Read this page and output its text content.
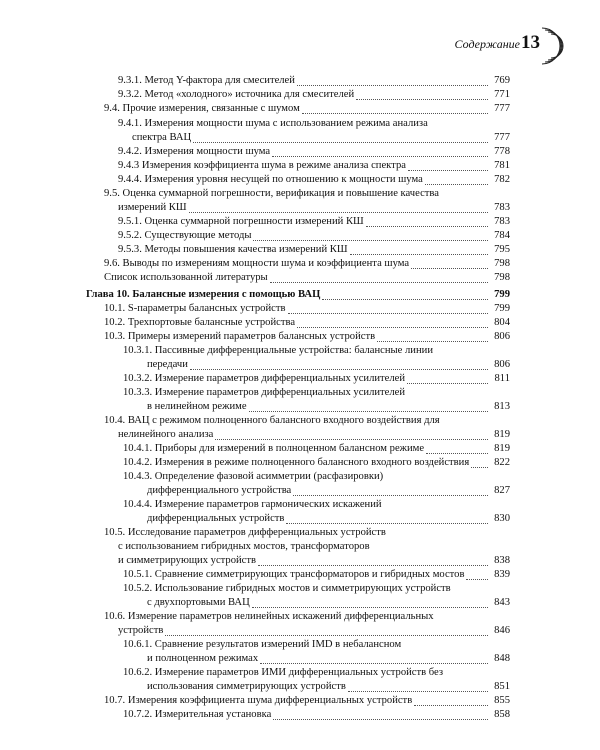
Содержание 13
9.3.1. Метод Y-фактора для смесителей	769
9.3.2. Метод «холодного» источника для смесителей	771
9.4. Прочие измерения, связанные с шумом	777
9.4.1. Измерения мощности шума с использованием режима анализа
спектра ВАЦ	777
9.4.2. Измерения мощности шума	778
9.4.3 Измерения коэффициента шума в режиме анализа спектра	781
9.4.4. Измерения уровня несущей по отношению к мощности шума	782
9.5. Оценка суммарной погрешности, верификация и повышение качества
измерений КШ	783
9.5.1. Оценка суммарной погрешности измерений КШ	783
9.5.2. Существующие методы	784
9.5.3. Методы повышения качества измерений КШ	795
9.6. Выводы по измерениям мощности шума и коэффициента шума	798
Список использованной литературы	798
Глава 10. Балансные измерения с помощью ВАЦ	799
10.1. S-параметры балансных устройств	799
10.2. Трехпортовые балансные устройства	804
10.3. Примеры измерений параметров балансных устройств	806
10.3.1. Пассивные дифференциальные устройства: балансные линии
передачи	806
10.3.2. Измерение параметров дифференциальных усилителей	811
10.3.3. Измерение параметров дифференциальных усилителей
в нелинейном режиме	813
10.4. ВАЦ с режимом полноценного балансного входного воздействия для
нелинейного анализа	819
10.4.1. Приборы для измерений в полноценном балансном режиме	819
10.4.2. Измерения в режиме полноценного балансного входного воздействия	822
10.4.3. Определение фазовой асимметрии (расфазировки)
дифференциального устройства	827
10.4.4. Измерение параметров гармонических искажений
дифференциальных устройств	830
10.5. Исследование параметров дифференциальных устройств
с использованием гибридных мостов, трансформаторов
и симметрирующих устройств	838
10.5.1. Сравнение симметрирующих трансформаторов и гибридных мостов	839
10.5.2. Использование гибридных мостов и симметрирующих устройств
с двухпортовыми ВАЦ	843
10.6. Измерение параметров нелинейных искажений дифференциальных
устройств	846
10.6.1. Сравнение результатов измерений IMD в небалансном
и полноценном режимах	848
10.6.2. Измерение параметров ИМИ дифференциальных устройств без
использования симметрирующих устройств	851
10.7. Измерения коэффициента шума дифференциальных устройств	855
10.7.2. Измерительная установка	858
